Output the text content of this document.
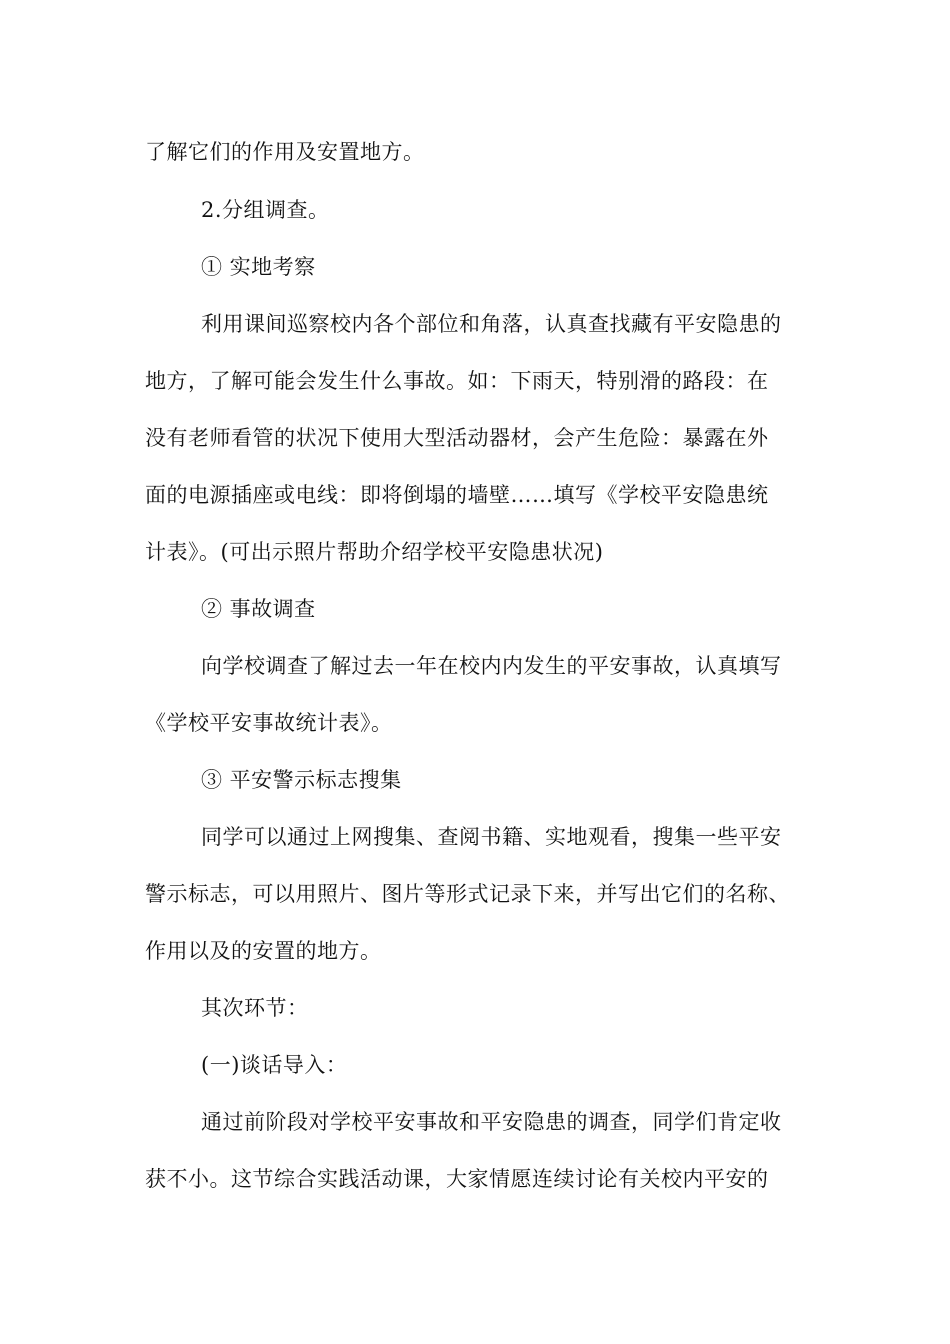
了解它们的作用及安置地方。
2.分组调查。
① 实地考察
利用课间巡察校内各个部位和角落，认真查找藏有平安隐患的
地方，了解可能会发生什么事故。如：下雨天，特别滑的路段：在
没有老师看管的状况下使用大型活动器材，会产生危险：暴露在外
面的电源插座或电线：即将倒塌的墙壁……填写《学校平安隐患统
计表》。(可出示照片帮助介绍学校平安隐患状况)
② 事故调查
向学校调查了解过去一年在校内内发生的平安事故，认真填写
《学校平安事故统计表》。
③ 平安警示标志搜集
同学可以通过上网搜集、查阅书籍、实地观看，搜集一些平安
警示标志，可以用照片、图片等形式记录下来，并写出它们的名称、
作用以及的安置的地方。
其次环节：
(一)谈话导入：
通过前阶段对学校平安事故和平安隐患的调查，同学们肯定收
获不小。这节综合实践活动课，大家情愿连续讨论有关校内平安的
